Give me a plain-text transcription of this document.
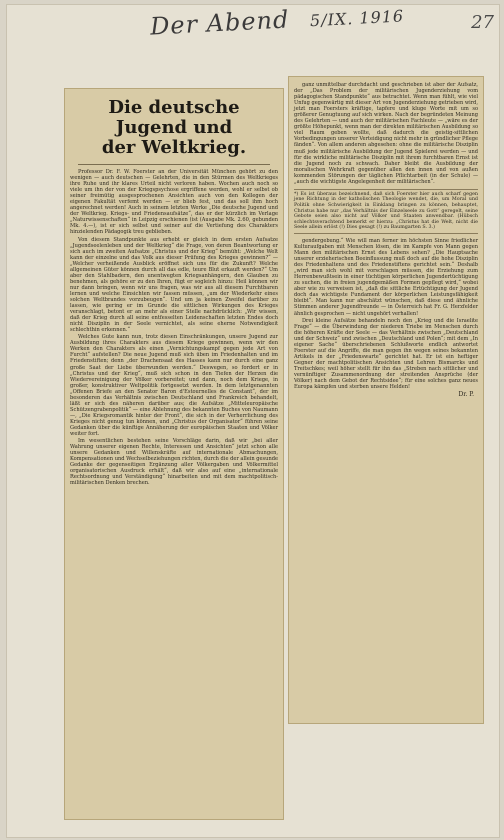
Der Abend 5/IX. 1916	27
Die deutsche Jugend und
der Weltkrieg.

Professor Dr. F. W. Foerster an der Universität München gehört zu den wenigen — auch deutschen — Gelehrten, die in den Stürmen des Weltkrieges ihre Ruhe und ihr klares Urteil nicht verloren haben. Wochen auch noch so viele um ihn der von der Kriegspsychose ergriffene werden, wohl er selbst ob seiner freimütig ausgesprochenen Ansichten auch von den Kollegen der eigenen Fakultät verfemt werden — er blieb fest, und das soll ihm hoch angerechnet werden! Auch in seinem letzten Werke „Die deutsche Jugend und der Weltkrieg. Kriegs- und Friedensaufsätze“, das er der kürzlich im Verlage „Naturwissenschaften“ in Leipzig erschienen (ist (Ausgabe Mk. 2.60, gebunden Mk. 4.—), ist er sich selbst und seiner auf die Vertiefung des Charakters hinzielenden Pädagogik treu geblieben.

Von diesem Standpunkte aus erhebt er gleich in dem ersten Aufsatze „Jugendseelenleben und der Weltkrieg“ die Frage, von deren Beantwortung er sich auch im zweiten Aufsatze „Christus und der Krieg“ bemüht: „Welche Welt kann der einzelne und das Volk aus dieser Prüfung des Krieges gewinnen?“ — „Welcher verheißende Ausblick eröffnet sich uns für die Zukunft? Welche allgemeinen Güter können durch all das edle, teure Blut erkauft werden?“ Um aber den Stahlbadern, den unentwegten Kriegsanhängern, den Glauben zu benehmen, als gehöre er zu den Ihren, fügt er sogleich hinzu: Heil können wir nur dann bringen, wenn wir uns fragen, was wir aus all diesem Furchtbaren lernen und welche Einsichten wir fassen müssen, „um der Wiederkehr eines solchen Weltbrandes vorzubeugen“. Und um ja keinen Zweifel darüber zu lassen, wie gering er im Grunde die sittlichen Wirkungen des Krieges veranschlagt, betont er an mehr als einer Stelle nachdrücklich: „Wir wissen, daß der Krieg durch all seine entfesselten Leidenschaften letzten Endes doch nicht Disziplin in der Seele vernichtet, als seine eherne Notwendigkeit schlechthin erkennen.“

Welches Gute kann nun, trotz diesen Einschränkungen, unsere Jugend zur Ausbildung ihres Charakters aus diesem Kriege gewinnen, wenn wir den Werken den Charakters als einen „Vernichtungskampf gegen jede Art von Furcht“ aufstellen? Die neue Jugend muß sich üben im Friedenhalten und im Friedenstiften; denn „der Drachensaat des Hasses kann nur durch eine ganz große Saat der Liebe überwunden werden.“ Deswegen, so fordert er in „Christus und der Krieg“, muß sich schon in den Tiefen der Herzen die Wiedervereinigung der Völker vorbereitet; und dann, noch dem Kriege, in großer, konstruktiver Weltpolitik fortgesetzt werden. In dem letztgenannten „Offenen Briefe an den Senator Baron d'Estournelles de Constant“, der im besonderen das Verhältnis zwischen Deutschland und Frankreich behandelt, läßt er sich des näheren darüber aus; die Aufsätze „Mitteleuropäische Schützengrabenpolitik“ — eine Ablehnung des bekannten Buches von Naumann —, „Die Kriegsromantik hinter der Front“, die sich in der Verherrlichung des Krieges nicht genug tun können, und „Christus der Organisator“ führen seine Gedanken über die künftige Annäherung der europäischen Staaten und Völker weiter fort.

Im wesentlichen bestehen seine Vorschläge darin, daß wir „bei aller Wahrung unserer eigenen Rechte, Interessen und Ansichten“ jetzt schon alle unsere Gedanken und Willenskräfte auf internationale Abmachungen, Kompensationen und Wechselbeziehungen richten, durch die der allein gesunde Gedanke der gegenseitigen Ergänzung aller Völkergaben und Völkermittel organisatorischen Ausdruck erhält“, daß wir also auf eine „internationale Rechtsordnung und Verständigung“ hinarbeiten und mit dem machtpolitisch-militärischen Denken brechen.

ganz unmittelbar durchdacht und geschrieben ist aber der Aufsatz, der „Das Problem der militärischen Jugenderziehung vom pädagogischen Standpunkte“ aus betrachtet. Wenn man fühlt, wie viel Unfug gegenwärtig mit dieser Art von Jugenderziehung getrieben wird, jetzt man Foersters kräftige, tapfere und kluge Worte mit um so größerer Genugtuung auf sich wirken. Nach der begründeten Meinung des Gelehrten — und auch der militärischen Fachleute — „wäre es der größte Höhepunkt, wenn man der direkten militärischen Ausbildung so viel Raum geben wollte, daß dadurch die geistig-sittlichen Vorbedingungen unserer Verteidigung nicht mehr in gründlicher Pflege fänden“. Von allem anderen abgesehen: ohne die militärische Disziplin muß jede militärische Ausbildung der Jugend Spielerei werden — und für die wirkliche militärische Disziplin mit ihrem furchtbaren Ernst ist die Jugend noch zu schwach. Daher bleibt die Ausbildung der moralischen Wehrkraft gegenüber allen den innen und von außen kommenden Störungen der täglichen Pflichtarbeit (in der Schule) — „auch die wichtigste Angelegenheit der militärischen“.

*) Es ist überaus bezeichnend, daß sich Foerster hier auch scharf gegen jene Richtung in der katholischen Theologie wendet, die, um Moral und Politik ohne Schwierigkeit in Einklang bringen zu können, behauptet, Christus habe nur „das Verhältnis der Einzelseele zu Gott“ geregelt, seine Gebote seien also nicht auf Völker und Staaten anwendbar. (Hübsch schlechtsverachtend bemerkt er hierzu: „Christus hat die Welt, nicht die Seele allein erlöst (!) Dies gesagt (!) zu Baumgarten S. 3.)

gendergebung.“ Wie will man ferner im höchsten Sinne friedlicher Kulturaufgaben mit Menschen lösen, die im Kampfe von Mann gegen Mann den militärischen Ernst des Lebens sehen? „Die Hauptsache unserer erzieherischen Beeinflussung muß doch auf die hohe Disziplin des Friedenhaltens und des Friedenstiftens gerichtet sein.“ Deshalb „wird man sich wohl mit vorschlagen müssen, die Erziehung zum Herrenbewußtsein in einer tüchtigen körperlichen Jugendertüchtigung zu suchen, die in freien jugendgemäßen Formen gepflegt wird,“ wobei aber wie zu verweisen ist, „daß die sittliche Ertüchtigung der Jugend doch das wichtigste Fundament der körperlichen Leistungsfähigkeit bleibt“. Man kann nur abschätzt wünschen, daß diese und ähnliche Stimmen anderer Jugendfreunde — in Österreich hat Fr. G. Herzfelder ähnlich gesprochen — nicht ungehört verhallen!

Drei kleine Aufsätze behandeln noch den „Krieg und die Israelite Frage“ — die Überwindung der niederen Triebe im Menschen durch die höheren Kräfte der Seele — das Verhältnis zwischen „Deutschland und der Schweiz“ und zwischen „Deutschland und Polen“; mit dem „In eigener Sache“ überschriebenen Schlußworte endlich antwortet Foerster auf die Angriffe, die man gegen ihn wegen seines bekannten Artikels in der „Friedenswarte“ gerichtet hat. Er ist ein heftiger Gegner der machtpolitischen Ansichten und Lehren Bismarcks und Treitschkes; weil höher stellt für ihn das „Streben nach sittlicher und vernünftiger Zusammenordnung der streitenden Ansprüche (der Völker) nach dem Gebot der Rechtsidee“; für eine solches ganz neues Europa kämpfen und sterben unsere Helden!

Dr. P.
